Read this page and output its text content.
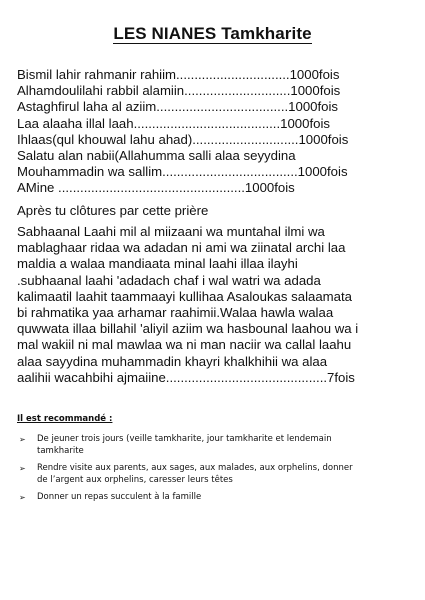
LES NIANES Tamkharite
Bismil lahir rahmanir rahiim...............................1000fois
Alhamdoulilahi rabbil alamiin.............................1000fois
Astaghfirul laha al aziim....................................1000fois
Laa alaaha illal laah........................................1000fois
Ihlaas(qul khouwal lahu ahad).............................1000fois
Salatu alan nabii(Allahumma salli alaa seyydina
Mouhammadin wa sallim.....................................1000fois
AMine ...................................................1000fois
Après tu clôtures par cette prière
Sabhaanal Laahi mil al miizaani wa muntahal ilmi wa
mablaghaar ridaa wa adadan ni ami wa ziinatal archi laa
maldia a walaa mandiaata minal laahi illaa ilayhi
.subhaanal laahi 'adadach chaf i wal watri wa adada
kalimaatil laahit taammaayi kullihaa Asaloukas salaamata
bi rahmatika yaa arhamar raahimii.Walaa hawla walaa
quwwata illaa billahil 'aliyil aziim wa hasbounal laahou wa i
mal wakiil ni mal mawlaa wa ni man naciir wa callal laahu
alaa sayydina muhammadin khayri khalkhihii wa alaa
aalihii wacahbihi ajmaiine............................................7fois
Il est recommandé :
➢	De jeuner trois jours (veille tamkharite, jour tamkharite et lendemain
tamkharite
➢	Rendre visite aux parents, aux sages, aux malades, aux orphelins, donner
de l’argent aux orphelins, caresser leurs têtes
➢	Donner un repas succulent à la famille
